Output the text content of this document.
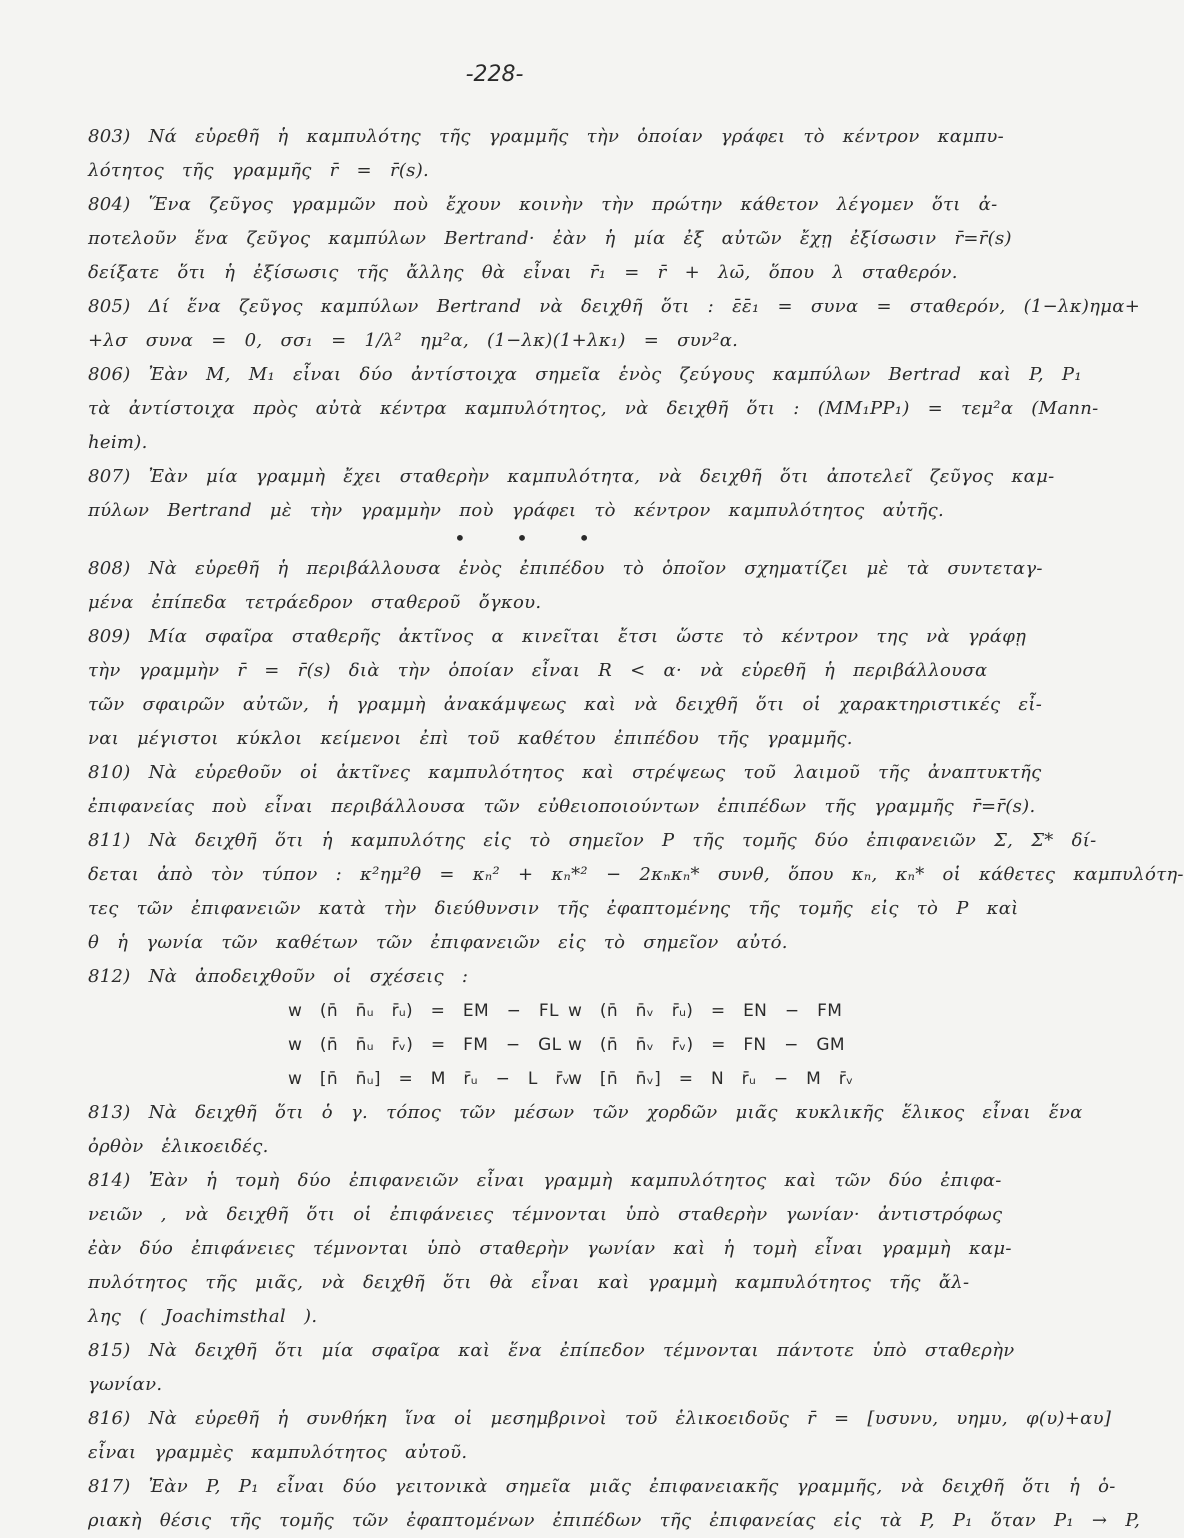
-228-
803) Νά εὑρεθῆ ἡ καμπυλότης τῆς γραμμῆς τὴν ὁποίαν γράφει τὸ κέντρον καμπυ-
λότητος τῆς γραμμῆς r̄ = r̄(s).
804) Ἕνα ζεῦγος γραμμῶν ποὺ ἔχουν κοινὴν τὴν πρώτην κάθετον λέγομεν ὅτι ἀ-
ποτελοῦν ἕνα ζεῦγος καμπύλων Bertrand· ἐὰν ἡ μία ἐξ αὐτῶν ἔχῃ ἐξίσωσιν r̄=r̄(s)
δείξατε ὅτι ἡ ἐξίσωσις τῆς ἄλλης θὰ εἶναι r̄₁ = r̄ + λω̄, ὅπου λ σταθερόν.
805) Δί ἕνα ζεῦγος καμπύλων Bertrand νὰ δειχθῆ ὅτι : ε̄ε̄₁ = συνα = σταθερόν, (1−λκ)ημα+
+λσ συνα = 0, σσ₁ = 1/λ² ημ²α, (1−λκ)(1+λκ₁) = συν²α.
806) Ἐὰν Μ, Μ₁ εἶναι δύο ἀντίστοιχα σημεῖα ἑνὸς ζεύγους καμπύλων Bertrad καὶ P, P₁
τὰ ἀντίστοιχα πρὸς αὐτὰ κέντρα καμπυλότητος, νὰ δειχθῆ ὅτι : (ΜΜ₁PP₁) = τεμ²α (Mann-
heim).
807) Ἐὰν μία γραμμὴ ἔχει σταθερὴν καμπυλότητα, νὰ δειχθῆ ὅτι ἀποτελεῖ ζεῦγος καμ-
πύλων Bertrand μὲ τὴν γραμμὴν ποὺ γράφει τὸ κέντρον καμπυλότητος αὐτῆς.
• • •
808) Νὰ εὑρεθῆ ἡ περιβάλλουσα ἑνὸς ἐπιπέδου τὸ ὁποῖον σχηματίζει μὲ τὰ συντεταγ-
μένα ἐπίπεδα τετράεδρον σταθεροῦ ὄγκου.
809) Μία σφαῖρα σταθερῆς ἀκτῖνος α κινεῖται ἔτσι ὥστε τὸ κέντρον της νὰ γράφῃ
τὴν γραμμὴν r̄ = r̄(s) διὰ τὴν ὁποίαν εἶναι R < α· νὰ εὑρεθῆ ἡ περιβάλλουσα
τῶν σφαιρῶν αὐτῶν, ἡ γραμμὴ ἀνακάμψεως καὶ νὰ δειχθῆ ὅτι οἱ χαρακτηριστικές εἶ-
ναι μέγιστοι κύκλοι κείμενοι ἐπὶ τοῦ καθέτου ἐπιπέδου τῆς γραμμῆς.
810) Νὰ εὑρεθοῦν οἱ ἀκτῖνες καμπυλότητος καὶ στρέψεως τοῦ λαιμοῦ τῆς ἀναπτυκτῆς
ἐπιφανείας ποὺ εἶναι περιβάλλουσα τῶν εὐθειοποιούντων ἐπιπέδων τῆς γραμμῆς r̄=r̄(s).
811) Νὰ δειχθῆ ὅτι ἡ καμπυλότης εἰς τὸ σημεῖον P τῆς τομῆς δύο ἐπιφανειῶν Σ, Σ* δί-
δεται ἀπὸ τὸν τύπον : κ²ημ²θ = κₙ² + κₙ*² − 2κₙκₙ* συνθ, ὅπου κₙ, κₙ* οἱ κάθετες καμπυλότη-
τες τῶν ἐπιφανειῶν κατὰ τὴν διεύθυνσιν τῆς ἐφαπτομένης τῆς τομῆς εἰς τὸ P καὶ
θ ἡ γωνία τῶν καθέτων τῶν ἐπιφανειῶν εἰς τὸ σημεῖον αὐτό.
812) Νὰ ἀποδειχθοῦν οἱ σχέσεις :
w (n̄ n̄ᵤ r̄ᵤ) = EM − FL w (n̄ n̄ᵥ r̄ᵤ) = EN − FM
w (n̄ n̄ᵤ r̄ᵥ) = FM − GL w (n̄ n̄ᵥ r̄ᵥ) = FN − GM
w [n̄ n̄ᵤ] = M r̄ᵤ − L r̄ᵥ
w [n̄ n̄ᵥ] = N r̄ᵤ − M r̄ᵥ
813) Νὰ δειχθῆ ὅτι ὁ γ. τόπος τῶν μέσων τῶν χορδῶν μιᾶς κυκλικῆς ἕλικος εἶναι ἕνα
ὀρθὸν ἑλικοειδές.
814) Ἐὰν ἡ τομὴ δύο ἐπιφανειῶν εἶναι γραμμὴ καμπυλότητος καὶ τῶν δύο ἐπιφα-
νειῶν , νὰ δειχθῆ ὅτι οἱ ἐπιφάνειες τέμνονται ὑπὸ σταθερὴν γωνίαν· ἀντιστρόφως
ἐὰν δύο ἐπιφάνειες τέμνονται ὑπὸ σταθερὴν γωνίαν καὶ ἡ τομὴ εἶναι γραμμὴ καμ-
πυλότητος τῆς μιᾶς, νὰ δειχθῆ ὅτι θὰ εἶναι καὶ γραμμὴ καμπυλότητος τῆς ἄλ-
λης ( Joachimsthal ).
815) Νὰ δειχθῆ ὅτι μία σφαῖρα καὶ ἕνα ἐπίπεδον τέμνονται πάντοτε ὑπὸ σταθερὴν
γωνίαν.
816) Νὰ εὑρεθῆ ἡ συνθήκη ἵνα οἱ μεσημβρινοὶ τοῦ ἑλικοειδοῦς r̄ = [υσυνυ, υημυ, φ(υ)+αυ]
εἶναι γραμμὲς καμπυλότητος αὐτοῦ.
817) Ἐὰν P, P₁ εἶναι δύο γειτονικὰ σημεῖα μιᾶς ἐπιφανειακῆς γραμμῆς, νὰ δειχθῆ ὅτι ἡ ὁ-
ριακὴ θέσις τῆς τομῆς τῶν ἐφαπτομένων ἐπιπέδων τῆς ἐπιφανείας εἰς τὰ P, P₁ ὅταν P₁ → P,
